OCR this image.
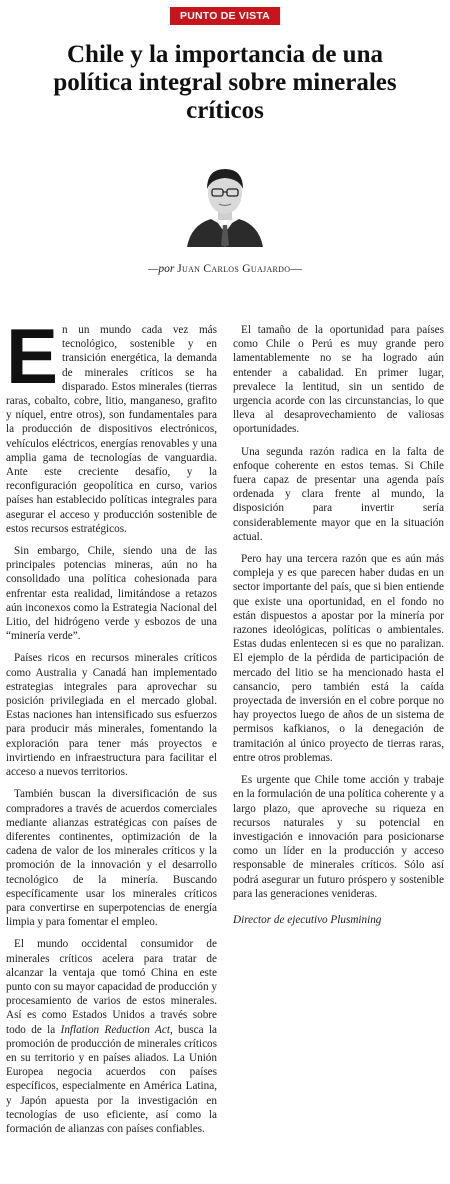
PUNTO DE VISTA
Chile y la importancia de una política integral sobre minerales críticos
—por Juan Carlos Guajardo—

En un mundo cada vez más tecnológico, sostenible y en transición energética, la demanda de minerales críticos se ha disparado. Estos minerales (tierras raras, cobalto, cobre, litio, manganeso, grafito y níquel, entre otros), son fundamentales para la producción de dispositivos electrónicos, vehículos eléctricos, energías renovables y una amplia gama de tecnologías de vanguardia. Ante este creciente desafío, y la reconfiguración geopolítica en curso, varios países han establecido políticas integrales para asegurar el acceso y producción sostenible de estos recursos estratégicos.

Sin embargo, Chile, siendo una de las principales potencias mineras, aún no ha consolidado una política cohesionada para enfrentar esta realidad, limitándose a retazos aún inconexos como la Estrategia Nacional del Litio, del hidrógeno verde y esbozos de una “minería verde”.

Países ricos en recursos minerales críticos como Australia y Canadá han implementado estrategias integrales para aprovechar su posición privilegiada en el mercado global. Estas naciones han intensificado sus esfuerzos para producir más minerales, fomentando la exploración para tener más proyectos e invirtiendo en infraestructura para facilitar el acceso a nuevos territorios.

También buscan la diversificación de sus compradores a través de acuerdos comerciales mediante alianzas estratégicas con países de diferentes continentes, optimización de la cadena de valor de los minerales críticos y la promoción de la innovación y el desarrollo tecnológico de la minería. Buscando específicamente usar los minerales críticos para convertirse en superpotencias de energía limpia y para fomentar el empleo.

El mundo occidental consumidor de minerales críticos acelera para tratar de alcanzar la ventaja que tomó China en este punto con su mayor capacidad de producción y procesamiento de varios de estos minerales. Así es como Estados Unidos a través sobre todo de la Inflation Reduction Act, busca la promoción de producción de minerales críticos en su territorio y en países aliados. La Unión Europea negocia acuerdos con países específicos, especialmente en América Latina, y Japón apuesta por la investigación en tecnologías de uso eficiente, así como la formación de alianzas con países confiables.

El tamaño de la oportunidad para países como Chile o Perú es muy grande pero lamentablemente no se ha logrado aún entender a cabalidad. En primer lugar, prevalece la lentitud, sin un sentido de urgencia acorde con las circunstancias, lo que lleva al desaprovechamiento de valiosas oportunidades.

Una segunda razón radica en la falta de enfoque coherente en estos temas. Si Chile fuera capaz de presentar una agenda país ordenada y clara frente al mundo, la disposición para invertir sería considerablemente mayor que en la situación actual.

Pero hay una tercera razón que es aún más compleja y es que parecen haber dudas en un sector importante del país, que si bien entiende que existe una oportunidad, en el fondo no están dispuestos a apostar por la minería por razones ideológicas, políticas o ambientales. Estas dudas enlentecen si es que no paralizan. El ejemplo de la pérdida de participación de mercado del litio se ha mencionado hasta el cansancio, pero también está la caída proyectada de inversión en el cobre porque no hay proyectos luego de años de un sistema de permisos kafkianos, o la denegación de tramitación al único proyecto de tierras raras, entre otros problemas.

Es urgente que Chile tome acción y trabaje en la formulación de una política coherente y a largo plazo, que aproveche su riqueza en recursos naturales y su potencial en investigación e innovación para posicionarse como un líder en la producción y acceso responsable de minerales críticos. Sólo así podrá asegurar un futuro próspero y sostenible para las generaciones venideras.

Director de ejecutivo Plusmining
